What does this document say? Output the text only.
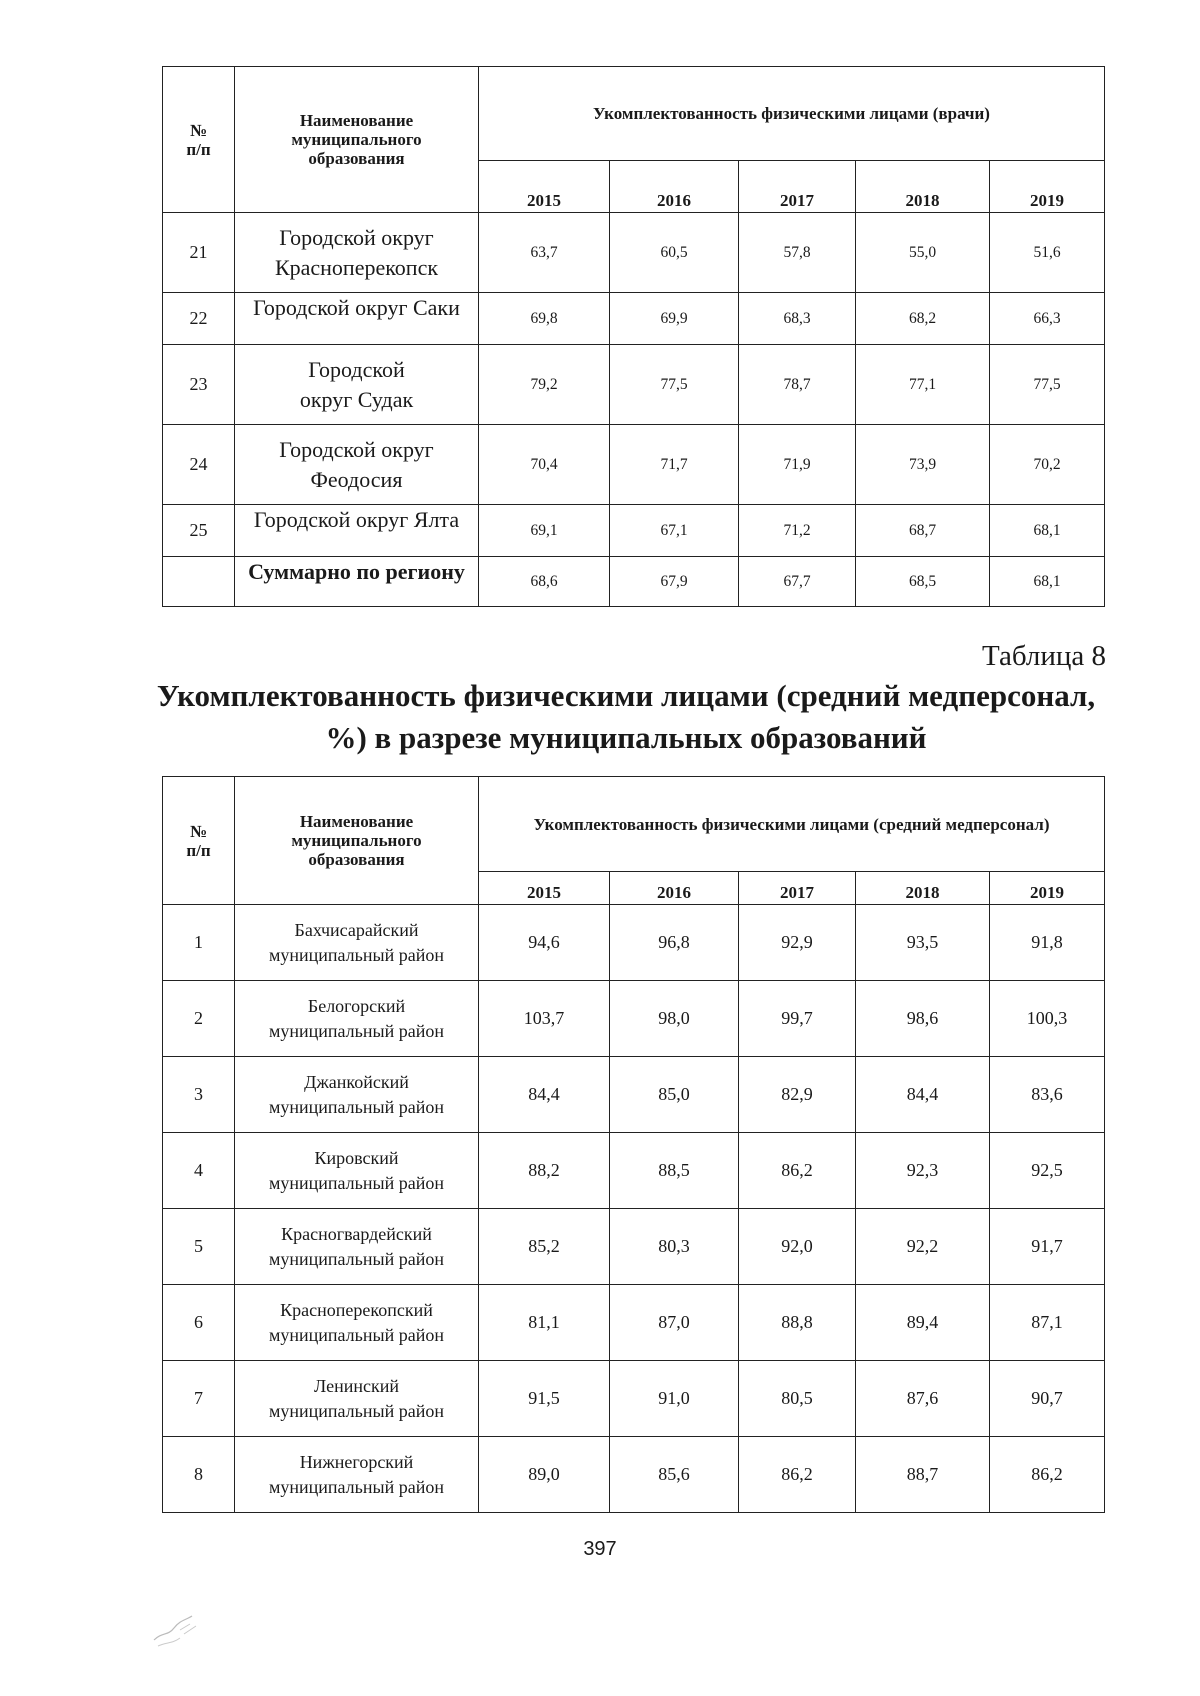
№ п/п	Наименование муниципального образования	Укомплектованность физическими лицами (врачи)				
		2015	2016	2017	2018	2019
21	Городской округ Красноперекопск	63,7	60,5	57,8	55,0	51,6
22	Городской округ Саки	69,8	69,9	68,3	68,2	66,3
23	Городской округ Судак	79,2	77,5	78,7	77,1	77,5
24	Городской округ Феодосия	70,4	71,7	71,9	73,9	70,2
25	Городской округ Ялта	69,1	67,1	71,2	68,7	68,1
	Суммарно по региону	68,6	67,9	67,7	68,5	68,1
Таблица 8
Укомплектованность физическими лицами (средний медперсонал, %) в разрезе муниципальных образований
№ п/п	Наименование муниципального образования	Укомплектованность физическими лицами (средний медперсонал)				
		2015	2016	2017	2018	2019
1	Бахчисарайский муниципальный район	94,6	96,8	92,9	93,5	91,8
2	Белогорский муниципальный район	103,7	98,0	99,7	98,6	100,3
3	Джанкойский муниципальный район	84,4	85,0	82,9	84,4	83,6
4	Кировский муниципальный район	88,2	88,5	86,2	92,3	92,5
5	Красногвардейский муниципальный район	85,2	80,3	92,0	92,2	91,7
6	Красноперекопский муниципальный район	81,1	87,0	88,8	89,4	87,1
7	Ленинский муниципальный район	91,5	91,0	80,5	87,6	90,7
8	Нижнегорский муниципальный район	89,0	85,6	86,2	88,7	86,2
397
